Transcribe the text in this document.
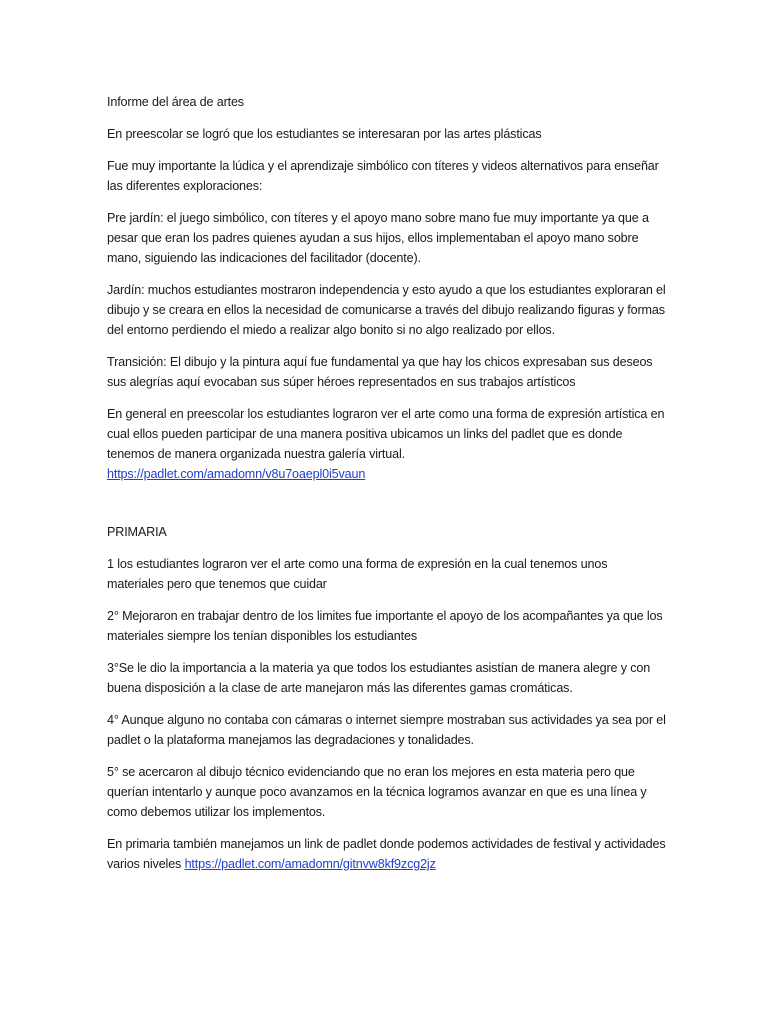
Informe del área de artes

En preescolar se logró que los estudiantes se interesaran por las artes plásticas

Fue muy importante la lúdica y el aprendizaje simbólico con títeres y videos alternativos para enseñar las diferentes exploraciones:

Pre jardín: el juego simbólico, con títeres y el apoyo mano sobre mano fue muy importante ya que a pesar que eran los padres quienes ayudan a sus hijos, ellos implementaban el apoyo mano sobre mano, siguiendo las indicaciones del facilitador (docente).

Jardín: muchos estudiantes mostraron independencia y esto ayudo a que los estudiantes exploraran el dibujo y se creara en ellos la necesidad de comunicarse a través del dibujo realizando figuras y formas del entorno perdiendo el miedo a realizar algo bonito si no algo realizado por ellos.

Transición: El dibujo y la pintura aquí fue fundamental ya que hay los chicos expresaban sus deseos sus alegrías aquí evocaban sus súper héroes representados en sus trabajos artísticos

En general en preescolar los estudiantes lograron ver el arte como una forma de expresión artística en cual ellos pueden participar de una manera positiva ubicamos un links del padlet que es donde tenemos de manera organizada nuestra galería virtual.
https://padlet.com/amadomn/v8u7oaepl0i5vaun

PRIMARIA

1 los estudiantes lograron ver el arte como una forma de expresión en la cual tenemos unos materiales pero que tenemos que cuidar

2° Mejoraron en trabajar dentro de los limites fue importante el apoyo de los acompañantes ya que los materiales siempre los tenían disponibles los estudiantes

3°Se le dio la importancia a la materia ya que todos los estudiantes asistían de manera alegre y con buena disposición a la clase de arte manejaron más las diferentes gamas cromáticas.

4° Aunque alguno no contaba con cámaras o internet siempre mostraban sus actividades ya sea por el padlet o la plataforma manejamos las degradaciones y tonalidades.

5° se acercaron al dibujo técnico evidenciando que no eran los mejores en esta materia pero que querían intentarlo y aunque poco avanzamos en la técnica logramos avanzar en que es una línea y como debemos utilizar los implementos.

En primaria también manejamos un link de padlet donde podemos actividades de festival y actividades varios niveles https://padlet.com/amadomn/gitnvw8kf9zcg2jz
